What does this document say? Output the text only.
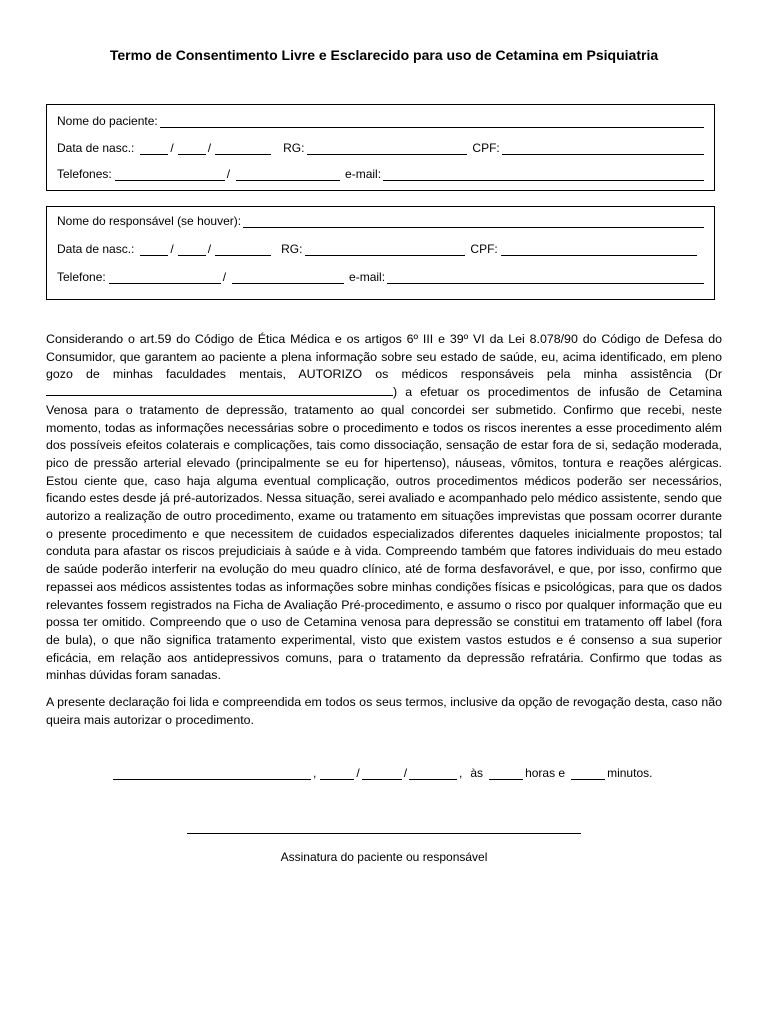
Termo de Consentimento Livre e Esclarecido para uso de Cetamina em Psiquiatria
Nome do paciente:
Data de nasc.:	/	/	RG:	CPF:
Telefones:	/	e-mail:
Nome do responsável (se houver):
Data de nasc.:	/	/	RG:	CPF:
Telefone:	/	e-mail:

Considerando o art.59 do Código de Ética Médica e os artigos 6º III e 39º VI da Lei 8.078/90 do Código de Defesa do Consumidor, que garantem ao paciente a plena informação sobre seu estado de saúde, eu, acima identificado, em pleno gozo de minhas faculdades mentais, AUTORIZO os médicos responsáveis pela minha assistência (Dr ) a efetuar os procedimentos de infusão de Cetamina Venosa para o tratamento de depressão, tratamento ao qual concordei ser submetido. Confirmo que recebi, neste momento, todas as informações necessárias sobre o procedimento e todos os riscos inerentes a esse procedimento além dos possíveis efeitos colaterais e complicações, tais como dissociação, sensação de estar fora de si, sedação moderada, pico de pressão arterial elevado (principalmente se eu for hipertenso), náuseas, vômitos, tontura e reações alérgicas. Estou ciente que, caso haja alguma eventual complicação, outros procedimentos médicos poderão ser necessários, ficando estes desde já pré-autorizados. Nessa situação, serei avaliado e acompanhado pelo médico assistente, sendo que autorizo a realização de outro procedimento, exame ou tratamento em situações imprevistas que possam ocorrer durante o presente procedimento e que necessitem de cuidados especializados diferentes daqueles inicialmente propostos; tal conduta para afastar os riscos prejudiciais à saúde e à vida. Compreendo também que fatores individuais do meu estado de saúde poderão interferir na evolução do meu quadro clínico, até de forma desfavorável, e que, por isso, confirmo que repassei aos médicos assistentes todas as informações sobre minhas condições físicas e psicológicas, para que os dados relevantes fossem registrados na Ficha de Avaliação Pré-procedimento, e assumo o risco por qualquer informação que eu possa ter omitido. Compreendo que o uso de Cetamina venosa para depressão se constitui em tratamento off label (fora de bula), o que não significa tratamento experimental, visto que existem vastos estudos e é consenso a sua superior eficácia, em relação aos antidepressivos comuns, para o tratamento da depressão refratária. Confirmo que todas as minhas dúvidas foram sanadas.

A presente declaração foi lida e compreendida em todos os seus termos, inclusive da opção de revogação desta, caso não queira mais autorizar o procedimento.

,	/	/	, às	horas e	minutos.
Assinatura do paciente ou responsável
